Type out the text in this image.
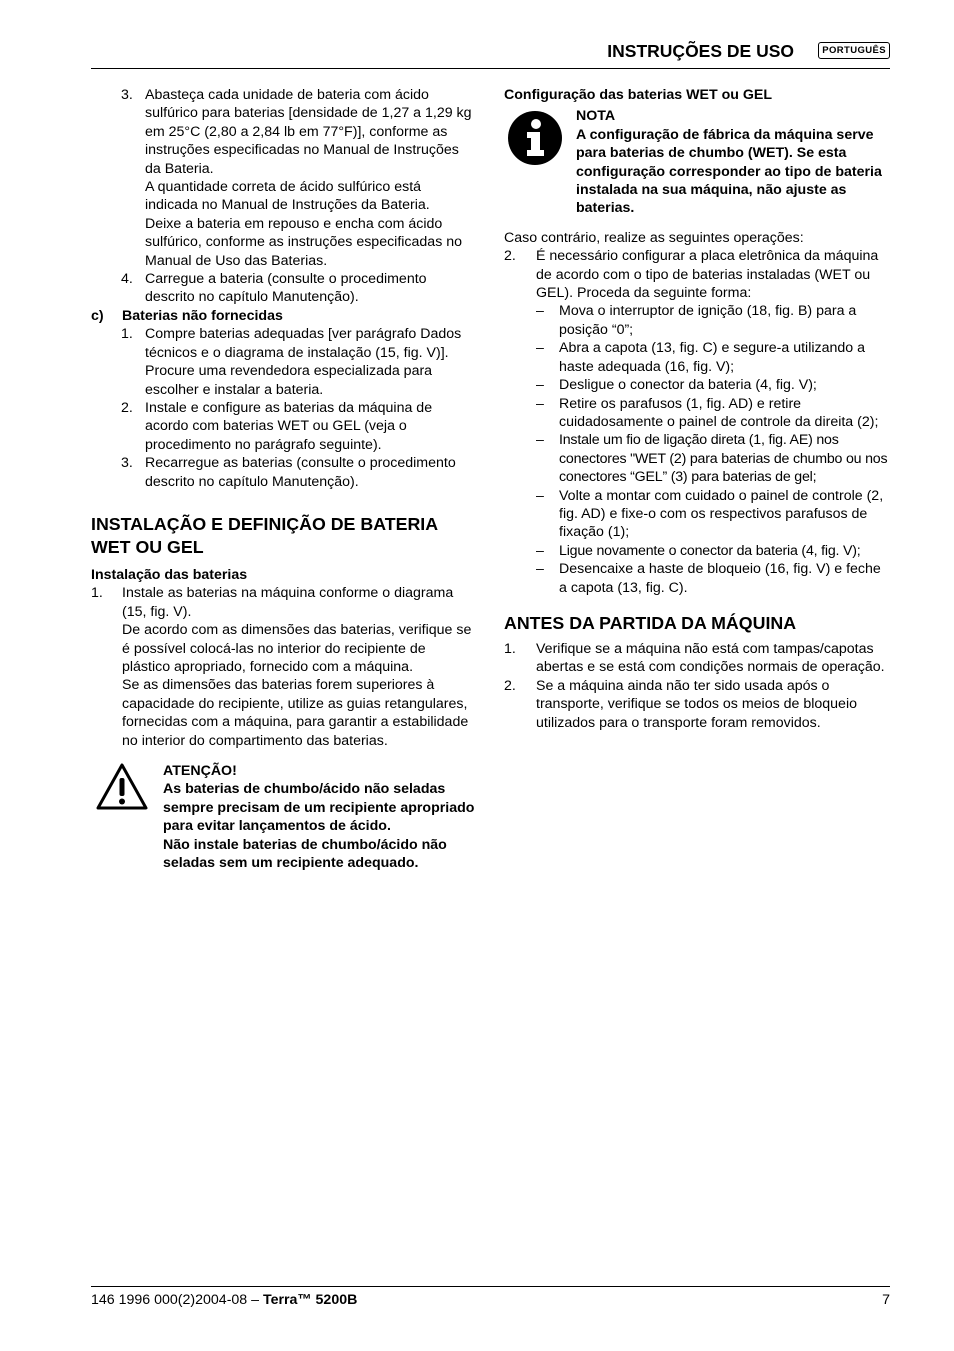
INSTRUÇÕES DE USO	PORTUGUÊS
3. Abasteça cada unidade de bateria com ácido sulfúrico para baterias [densidade de 1,27 a 1,29 kg em 25°C (2,80 a 2,84 lb em 77°F)], conforme as instruções especificadas no Manual de Instruções da Bateria.

A quantidade correta de ácido sulfúrico está indicada no Manual de Instruções da Bateria.

Deixe a bateria em repouso e encha com ácido sulfúrico, conforme as instruções especificadas no Manual de Uso das Baterias.

4. Carregue a bateria (consulte o procedimento descrito no capítulo Manutenção).

c)	Baterias não fornecidas
1. Compre baterias adequadas [ver parágrafo Dados técnicos e o diagrama de instalação (15, fig. V)].

Procure uma revendedora especializada para escolher e instalar a bateria.

2. Instale e configure as baterias da máquina de acordo com baterias WET ou GEL (veja o procedimento no parágrafo seguinte).

3. Recarregue as baterias (consulte o procedimento descrito no capítulo Manutenção).

INSTALAÇÃO E DEFINIÇÃO DE BATERIA WET OU GEL

Instalação das baterias

1.	Instale as baterias na máquina conforme o diagrama (15, fig. V).

De acordo com as dimensões das baterias, verifique se é possível colocá-las no interior do recipiente de plástico apropriado, fornecido com a máquina.

Se as dimensões das baterias forem superiores à capacidade do recipiente, utilize as guias retangulares, fornecidas com a máquina, para garantir a estabilidade no interior do compartimento das baterias.

ATENÇÃO!

As baterias de chumbo/ácido não seladas sempre precisam de um recipiente apropriado para evitar lançamentos de ácido.

Não instale baterias de chumbo/ácido não seladas sem um recipiente adequado.

Configuração das baterias WET ou GEL

NOTA

A configuração de fábrica da máquina serve para baterias de chumbo (WET). Se esta configuração corresponder ao tipo de bateria instalada na sua máquina, não ajuste as baterias.

Caso contrário, realize as seguintes operações:

2.	É necessário configurar a placa eletrônica da máquina de acordo com o tipo de baterias instaladas (WET ou GEL). Proceda da seguinte forma:

–	Mova o interruptor de ignição (18, fig. B) para a posição “0”;

–	Abra a capota (13, fig. C) e segure-a utilizando a haste adequada (16, fig. V);

–	Desligue o conector da bateria (4, fig. V);

–	Retire os parafusos (1, fig. AD) e retire cuidadosamente o painel de controle da direita (2);

–	Instale um fio de ligação direta (1, fig. AE) nos conectores "WET (2) para baterias de chumbo ou nos conectores “GEL” (3) para baterias de gel;

–	Volte a montar com cuidado o painel de controle (2, fig. AD) e fixe-o com os respectivos parafusos de fixação (1);

–	Ligue novamente o conector da bateria (4, fig. V);

–	Desencaixe a haste de bloqueio (16, fig. V) e feche a capota (13, fig. C).

ANTES DA PARTIDA DA MÁQUINA

1.	Verifique se a máquina não está com tampas/capotas abertas e se está com condições normais de operação.

2.	Se a máquina ainda não ter sido usada após o transporte, verifique se todos os meios de bloqueio utilizados para o transporte foram removidos.

146 1996 000(2)2004-08 – Terra™ 5200B	7
